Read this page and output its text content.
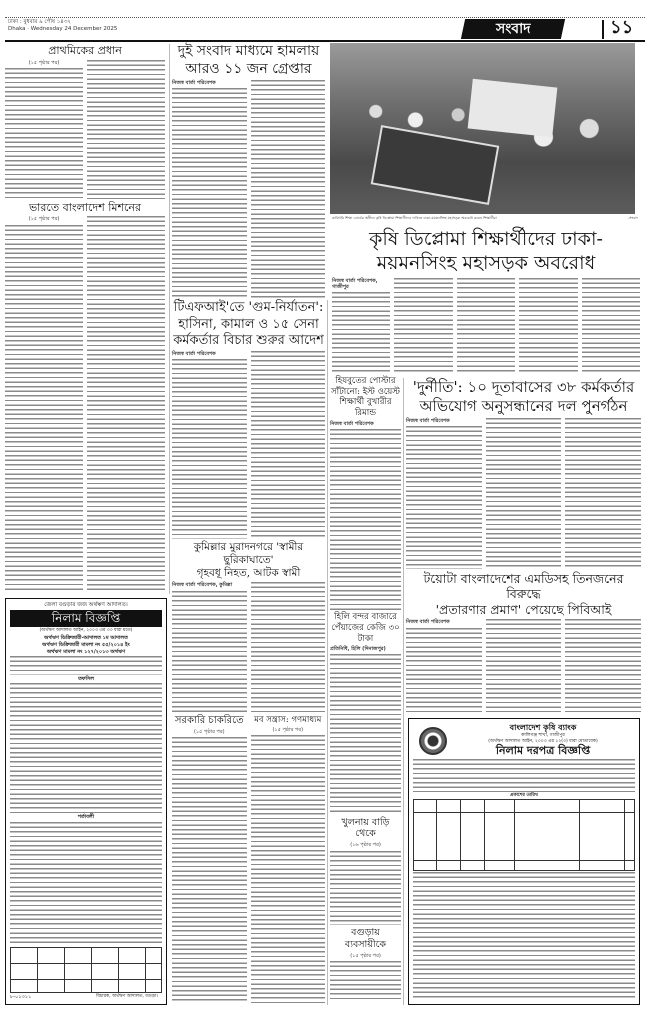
ঢাকা : বুধবার ৯ পৌষ ১৪৩২
Dhaka · Wednesday 24 December 2025	সংবাদ	১১
প্রাথমিকের প্রধান
(১৫ পৃষ্ঠার পর)
ভারতে বাংলাদেশ মিশনের
(১৫ পৃষ্ঠার পর)
জেলা বগুড়ার জজ অর্থঋণ আদালত।
নিলাম বিজ্ঞপ্তি
(অর্থঋণ আদালত আইন, ২০০৩ এর ৩৩ ধারা মতে)
অর্থঋণ ডিক্রিজারী-আদালত ১ম আদালত
অর্থঋণ ডিক্রিজারী মামলা নং ৫৫/২০১৪ ইং
অর্থঋণ মামলা নং ১২৭/২০১৩ অর্থঋণ
তফসিল
শর্তাবলী
৮-০১৩১১	বিচারক, অর্থঋণ আদালত, বগুড়া।
দুই সংবাদ মাধ্যমে হামলায়
আরও ১১ জন গ্রেপ্তার
নিজস্ব বার্তা পরিবেশক
টিএফআই'তে 'গুম-নির্যাতন':
হাসিনা, কামাল ও ১৫ সেনা
কর্মকর্তার বিচার শুরুর আদেশ
নিজস্ব বার্তা পরিবেশক
কুমিল্লার মুরাদনগরে 'স্বামীর ছুরিকাঘাতে'
গৃহবধূ নিহত, আটক স্বামী
নিজস্ব বার্তা পরিবেশক, কুমিল্লা
সরকারি চাকরিতে
(১৫ পৃষ্ঠার পর)
মব সন্ত্রাস: গণমাধ্যম
(১৫ পৃষ্ঠার পর)
কারিগরি শিক্ষা বোর্ডের অধীনে কৃষি ডিপ্লোমা শিক্ষার্থীদের দাবিতে ঢাকা-ময়মনসিংহ মহাসড়ক অবরোধ করেন শিক্ষার্থীরা	-সংবাদ
কৃষি ডিপ্লোমা শিক্ষার্থীদের ঢাকা-
ময়মনসিংহ মহাসড়ক অবরোধ
নিজস্ব বার্তা পরিবেশক, গাজীপুর
হিযবুতের পোস্টার
সাঁটানো: ইস্ট ওয়েস্ট
শিক্ষার্থী বুখারীর রিমান্ড
নিজস্ব বার্তা পরিবেশক
হিলি বন্দর বাজারে
পেঁয়াজের কেজি ৩০ টাকা
প্রতিনিধি, হিলি (দিনাজপুর)
খুলনায় বাড়ি থেকে
(১৬ পৃষ্ঠার পর)
বগুড়ায় ব্যবসায়ীকে
(১৫ পৃষ্ঠার পর)
'দুর্নীতি': ১০ দূতাবাসের ৩৮ কর্মকর্তার
অভিযোগ অনুসন্ধানের দল পুনর্গঠন
নিজস্ব বার্তা পরিবেশক
টয়োটা বাংলাদেশের এমডিসহ তিনজনের বিরুদ্ধে
'প্রতারণার প্রমাণ' পেয়েছে পিবিআই
নিজস্ব বার্তা পরিবেশক
বাংলাদেশ কৃষি ব্যাংক
কালিগঞ্জ শাখা, গাজীপুর
(অর্থঋণ আদালত আইন, ২০০৩ এর ১২(৩) ধারা মোতাবেক)
নিলাম দরপত্র বিজ্ঞপ্তি
প্রকাশের তারিখ
